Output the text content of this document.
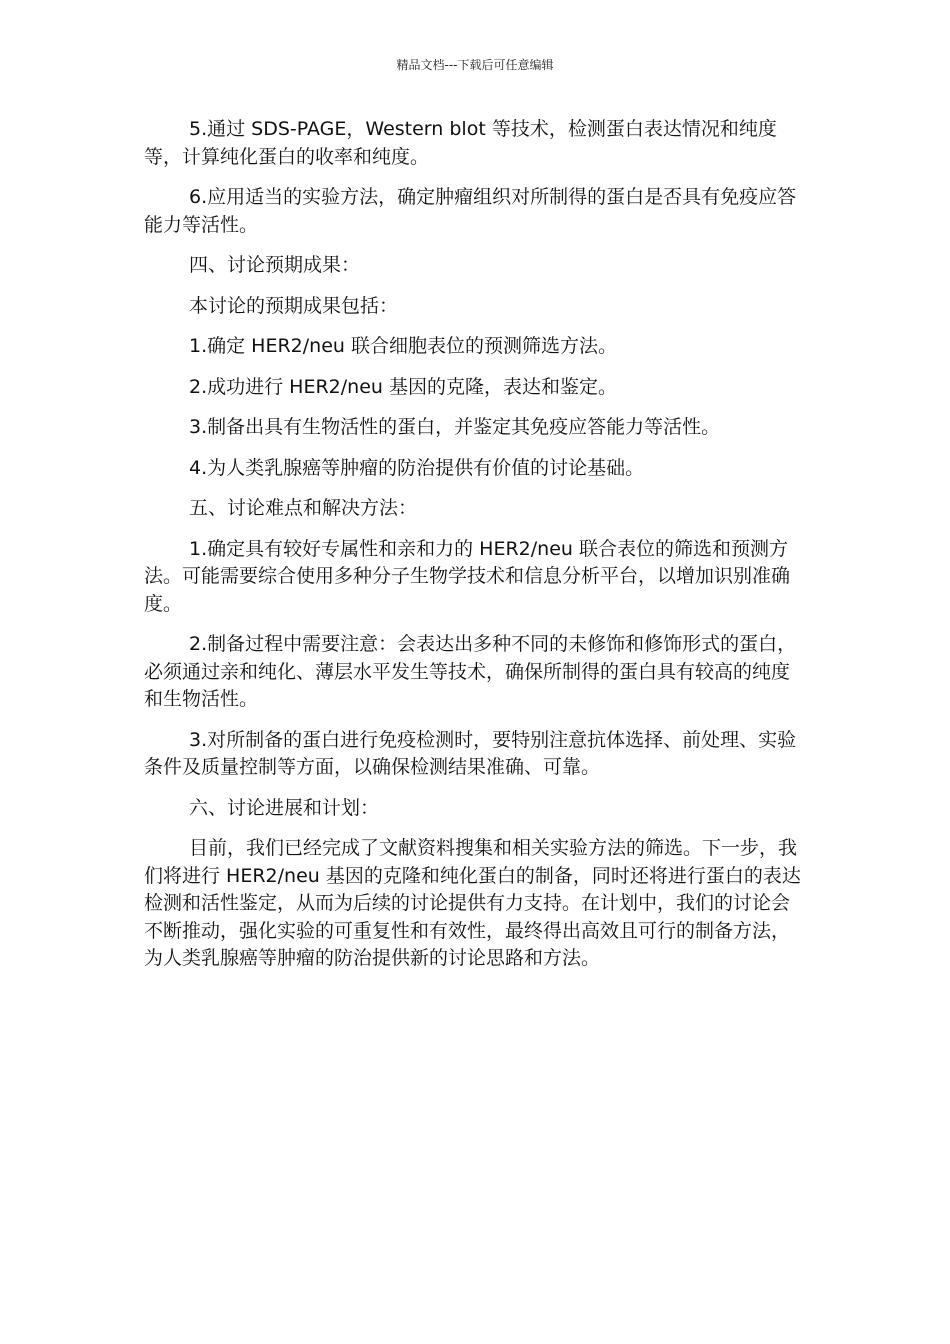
精品文档---下载后可任意编辑

5.通过 SDS-PAGE，Western blot 等技术，检测蛋白表达情况和纯度等，计算纯化蛋白的收率和纯度。

6.应用适当的实验方法，确定肿瘤组织对所制得的蛋白是否具有免疫应答能力等活性。

四、讨论预期成果：

本讨论的预期成果包括：

1.确定 HER2/neu 联合细胞表位的预测筛选方法。

2.成功进行 HER2/neu 基因的克隆，表达和鉴定。

3.制备出具有生物活性的蛋白，并鉴定其免疫应答能力等活性。

4.为人类乳腺癌等肿瘤的防治提供有价值的讨论基础。

五、讨论难点和解决方法：

1.确定具有较好专属性和亲和力的 HER2/neu 联合表位的筛选和预测方法。可能需要综合使用多种分子生物学技术和信息分析平台，以增加识别准确度。

2.制备过程中需要注意：会表达出多种不同的未修饰和修饰形式的蛋白，必须通过亲和纯化、薄层水平发生等技术，确保所制得的蛋白具有较高的纯度和生物活性。

3.对所制备的蛋白进行免疫检测时，要特别注意抗体选择、前处理、实验条件及质量控制等方面，以确保检测结果准确、可靠。

六、讨论进展和计划：

目前，我们已经完成了文献资料搜集和相关实验方法的筛选。下一步，我们将进行 HER2/neu 基因的克隆和纯化蛋白的制备，同时还将进行蛋白的表达检测和活性鉴定，从而为后续的讨论提供有力支持。在计划中，我们的讨论会不断推动，强化实验的可重复性和有效性，最终得出高效且可行的制备方法，为人类乳腺癌等肿瘤的防治提供新的讨论思路和方法。
